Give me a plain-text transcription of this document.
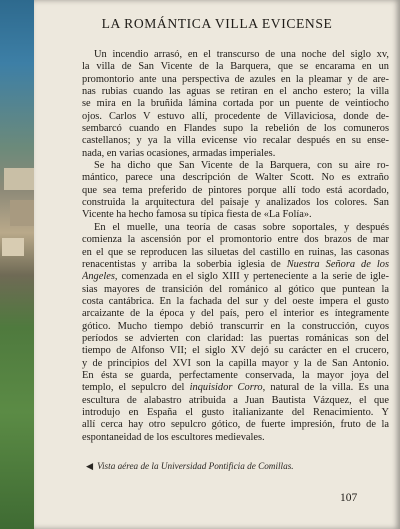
LA ROMÁNTICA VILLA EVICENSE
Un incendio arrasó, en el transcurso de una noche del siglo xv,
la villa de San Vicente de la Barquera, que se encarama en un
promontorio ante una perspectiva de azules en la pleamar y de are-
nas rubias cuando las aguas se retiran en el ancho estero; la villa
se mira en la bruñida lámina cortada por un puente de veintiocho
ojos. Carlos V estuvo allí, procedente de Villaviciosa, donde de-
sembarcó cuando en Flandes supo la rebelión de los comuneros
castellanos; y ya la villa evicense vio recalar después en su ense-
nada, en varias ocasiones, armadas imperiales.
Se ha dicho que San Vicente de la Barquera, con su aire ro-
mántico, parece una descripción de Walter Scott. No es extraño
que sea tema preferido de pintores porque allí todo está acordado,
construida la arquitectura del paisaje y analizados los colores. San
Vicente ha hecho famosa su típica fiesta de «La Folía».
En el muelle, una teoría de casas sobre soportales, y después
comienza la ascensión por el promontorio entre dos brazos de mar
en el que se reproducen las siluetas del castillo en ruinas, las casonas
renacentistas y arriba la soberbia iglesia de Nuestra Señora de los
Ángeles, comenzada en el siglo XIII y perteneciente a la serie de igle-
sias mayores de transición del románico al gótico que puntean la
costa cantábrica. En la fachada del sur y del oeste impera el gusto
arcaizante de la época y del país, pero el interior es íntegramente
gótico. Mucho tiempo debió transcurrir en la construcción, cuyos
períodos se advierten con claridad: las puertas románicas son del
tiempo de Alfonso VII; el siglo XV dejó su carácter en el crucero,
y de principios del XVI son la capilla mayor y la de San Antonio.
En ésta se guarda, perfectamente conservada, la mayor joya del
templo, el sepulcro del inquisidor Corro, natural de la villa. Es una
escultura de alabastro atribuida a Juan Bautista Vázquez, el que
introdujo en España el gusto italianizante del Renacimiento. Y
allí cerca hay otro sepulcro gótico, de fuerte impresión, fruto de la
espontaneidad de los escultores medievales.
◀ Vista aérea de la Universidad Pontificia de Comillas.
107
